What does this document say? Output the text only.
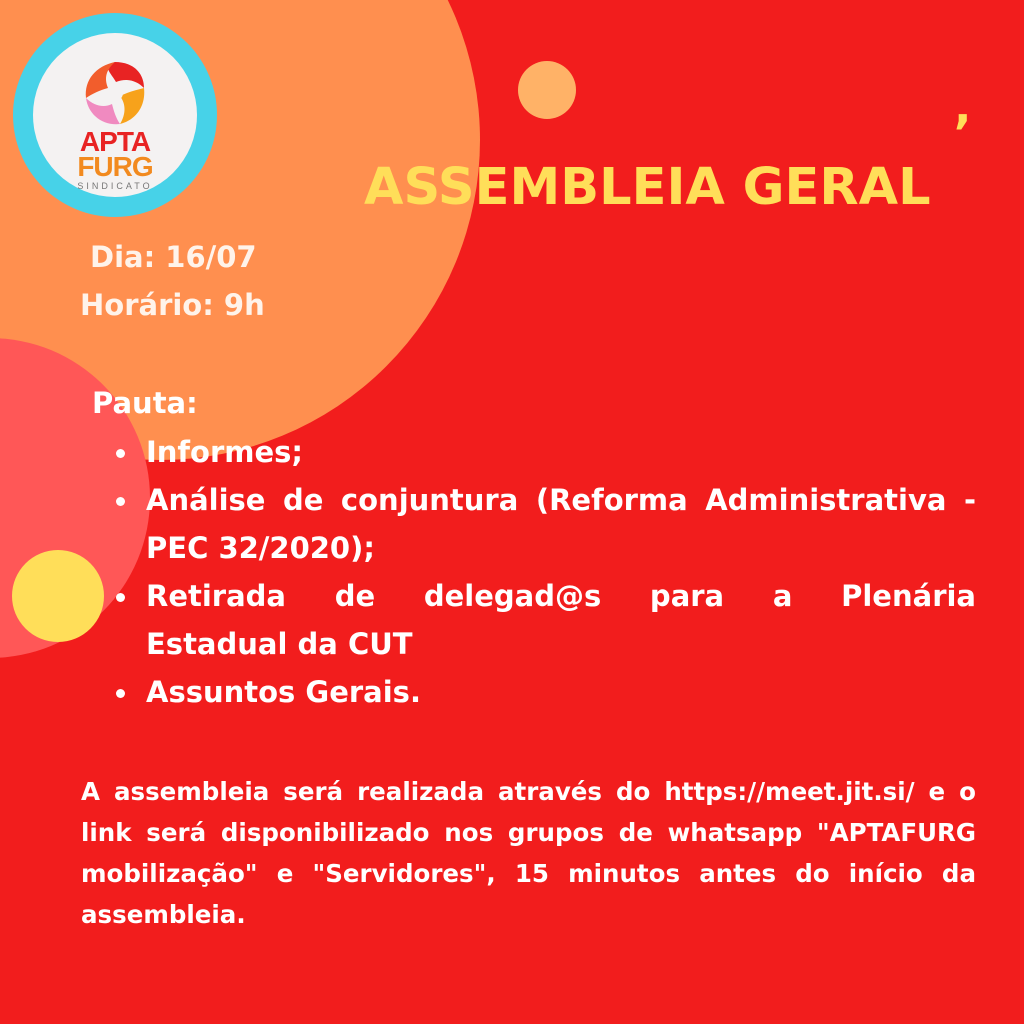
APTA
FURG
SINDICATO
,
ASSEMBLEIA GERAL
Dia: 16/07
Horário: 9h
Pauta:
Informes;
Análise de conjuntura (Reforma Administrativa - PEC 32/2020);
Retirada de delegad@s para a Plenária
Estadual da CUT
Assuntos Gerais.
A assembleia será realizada através do https://meet.jit.si/ e o link será disponibilizado nos grupos de whatsapp "APTAFURG mobilização" e "Servidores", 15 minutos antes do início da assembleia.
